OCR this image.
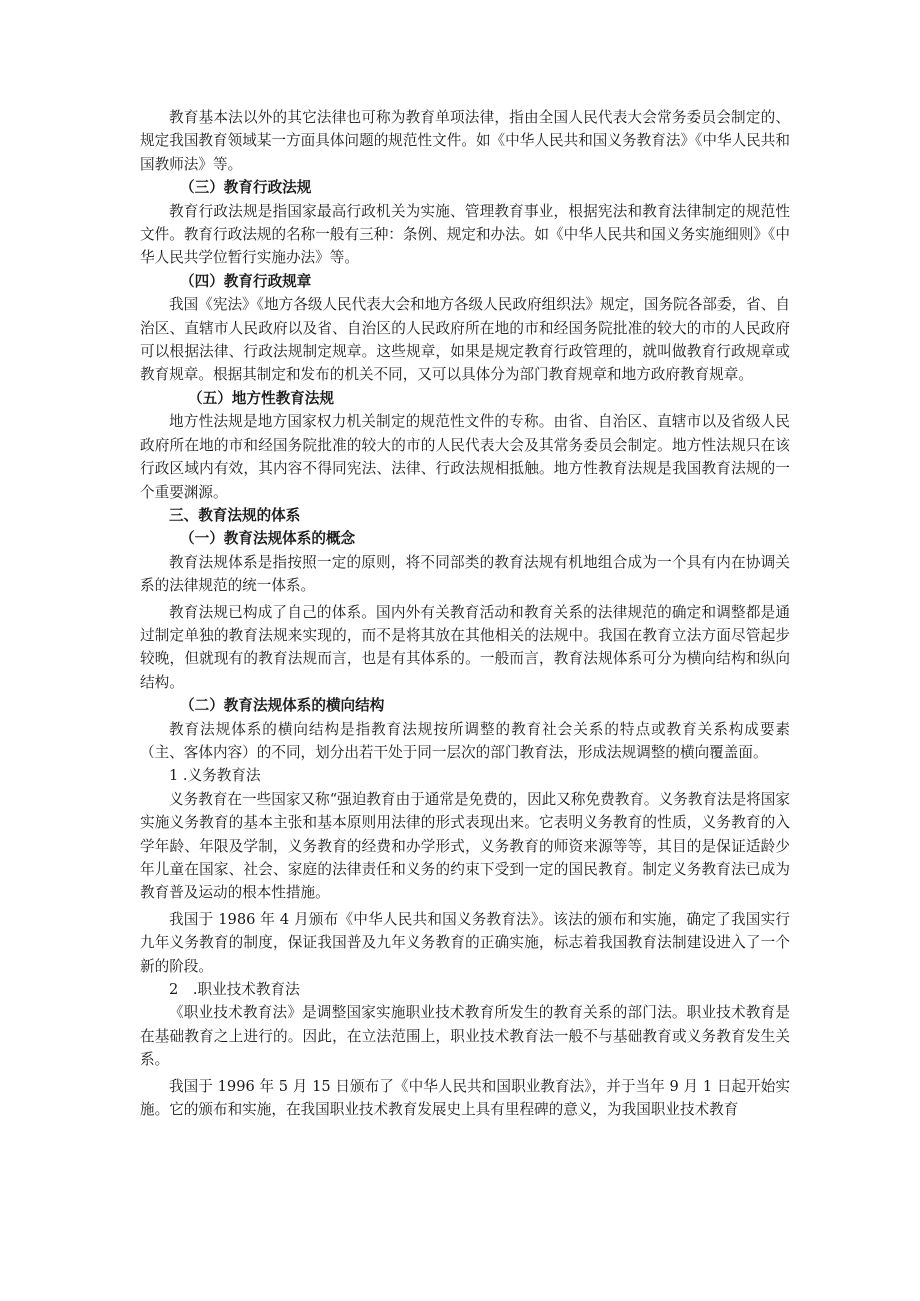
教育基本法以外的其它法律也可称为教育单项法律，指由全国人民代表大会常务委员会制定的、规定我国教育领域某一方面具体问题的规范性文件。如《中华人民共和国义务教育法》《中华人民共和国教师法》等。

（三）教育行政法规

教育行政法规是指国家最高行政机关为实施、管理教育事业，根据宪法和教育法律制定的规范性文件。教育行政法规的名称一般有三种：条例、规定和办法。如《中华人民共和国义务实施细则》《中华人民共学位暂行实施办法》等。

（四）教育行政规章

我国《宪法》《地方各级人民代表大会和地方各级人民政府组织法》规定，国务院各部委，省、自治区、直辖市人民政府以及省、自治区的人民政府所在地的市和经国务院批准的较大的市的人民政府可以根据法律、行政法规制定规章。这些规章，如果是规定教育行政管理的，就叫做教育行政规章或教育规章。根据其制定和发布的机关不同，又可以具体分为部门教育规章和地方政府教育规章。

（五）地方性教育法规

地方性法规是地方国家权力机关制定的规范性文件的专称。由省、自治区、直辖市以及省级人民政府所在地的市和经国务院批准的较大的市的人民代表大会及其常务委员会制定。地方性法规只在该行政区域内有效，其内容不得同宪法、法律、行政法规相抵触。地方性教育法规是我国教育法规的一个重要渊源。

三、教育法规的体系

（一）教育法规体系的概念

教育法规体系是指按照一定的原则，将不同部类的教育法规有机地组合成为一个具有内在协调关系的法律规范的统一体系。

教育法规已构成了自己的体系。国内外有关教育活动和教育关系的法律规范的确定和调整都是通过制定单独的教育法规来实现的，而不是将其放在其他相关的法规中。我国在教育立法方面尽管起步较晚，但就现有的教育法规而言，也是有其体系的。一般而言，教育法规体系可分为横向结构和纵向结构。

（二）教育法规体系的横向结构

教育法规体系的横向结构是指教育法规按所调整的教育社会关系的特点或教育关系构成要素（主、客体内容）的不同，划分出若干处于同一层次的部门教育法，形成法规调整的横向覆盖面。

1 .义务教育法

义务教育在一些国家又称“强迫教育由于通常是免费的，因此又称免费教育。义务教育法是将国家实施义务教育的基本主张和基本原则用法律的形式表现出来。它表明义务教育的性质，义务教育的入学年龄、年限及学制，义务教育的经费和办学形式，义务教育的师资来源等等，其目的是保证适龄少年儿童在国家、社会、家庭的法律责任和义务的约束下受到一定的国民教育。制定义务教育法已成为教育普及运动的根本性措施。

我国于 1986 年 4 月颁布《中华人民共和国义务教育法》。该法的颁布和实施，确定了我国实行九年义务教育的制度，保证我国普及九年义务教育的正确实施，标志着我国教育法制建设进入了一个新的阶段。

2　.职业技术教育法

《职业技术教育法》是调整国家实施职业技术教育所发生的教育关系的部门法。职业技术教育是在基础教育之上进行的。因此，在立法范围上，职业技术教育法一般不与基础教育或义务教育发生关系。

我国于 1996 年 5 月 15 日颁布了《中华人民共和国职业教育法》，并于当年 9 月 1 日起开始实施。它的颁布和实施，在我国职业技术教育发展史上具有里程碑的意义，为我国职业技术教育
